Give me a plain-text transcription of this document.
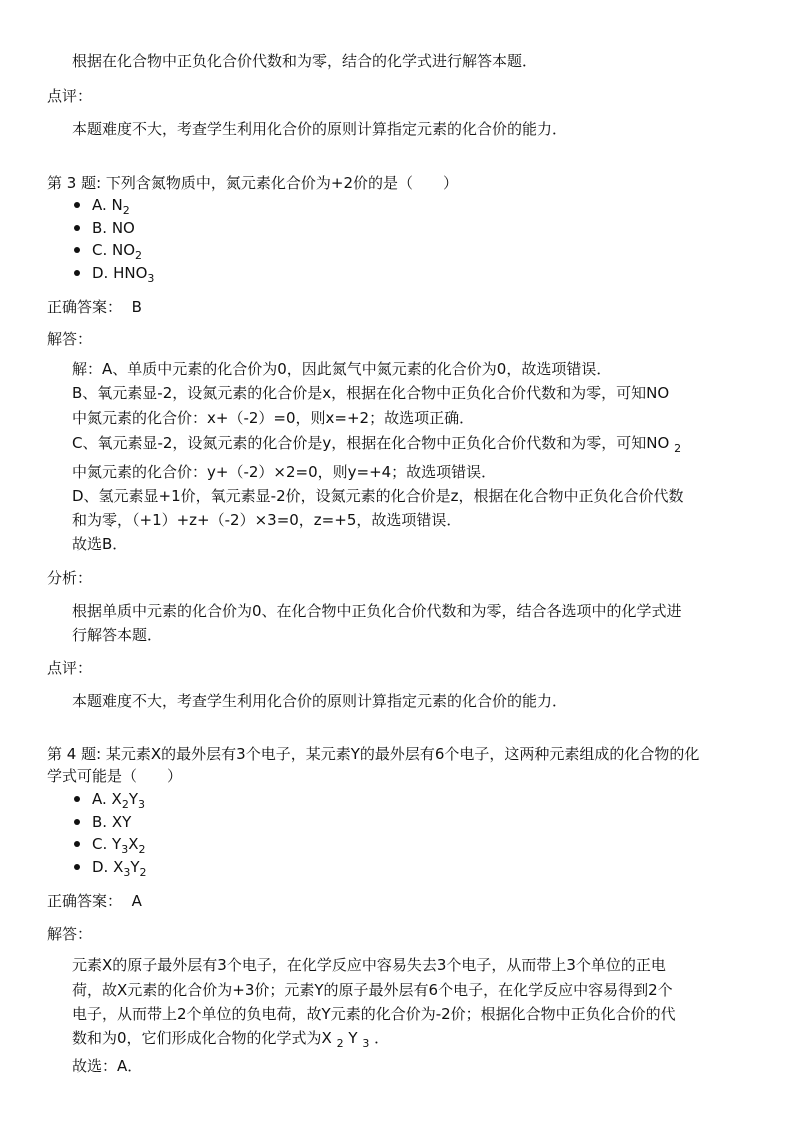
根据在化合物中正负化合价代数和为零，结合的化学式进行解答本题．
点评：
本题难度不大，考查学生利用化合价的原则计算指定元素的化合价的能力．
第 3 题: 下列含氮物质中，氮元素化合价为+2价的是（　　）
A. $N_2$
B. NO
C. $NO_2$
D. $HNO_3$
正确答案： B
解答：
解：A、单质中元素的化合价为0，因此氮气中氮元素的化合价为0，故选项错误．
B、氧元素显-2，设氮元素的化合价是x，根据在化合物中正负化合价代数和为零，可知NO
中氮元素的化合价：x+（-2）=0，则x=+2；故选项正确．
C、氧元素显-2，设氮元素的化合价是y，根据在化合物中正负化合价代数和为零，可知NO $_2$
中氮元素的化合价：y+（-2）×2=0，则y=+4；故选项错误．
D、氢元素显+1价，氧元素显-2价，设氮元素的化合价是z，根据在化合物中正负化合价代数
和为零，（+1）+z+（-2）×3=0，z=+5，故选项错误．
故选B．
分析：
根据单质中元素的化合价为0、在化合物中正负化合价代数和为零，结合各选项中的化学式进
行解答本题．
点评：
本题难度不大，考查学生利用化合价的原则计算指定元素的化合价的能力．
第 4 题: 某元素X的最外层有3个电子，某元素Y的最外层有6个电子，这两种元素组成的化合物的化
学式可能是（　　）
A. $X_2Y_3$
B. XY
C. $Y_3X_2$
D. $X_3Y_2$
正确答案： A
解答：
元素X的原子最外层有3个电子，在化学反应中容易失去3个电子，从而带上3个单位的正电
荷，故X元素的化合价为+3价；元素Y的原子最外层有6个电子，在化学反应中容易得到2个
电子，从而带上2个单位的负电荷，故Y元素的化合价为-2价；根据化合物中正负化合价的代
数和为0，它们形成化合物的化学式为X $_2$ Y $_3$ ．
故选：A．
